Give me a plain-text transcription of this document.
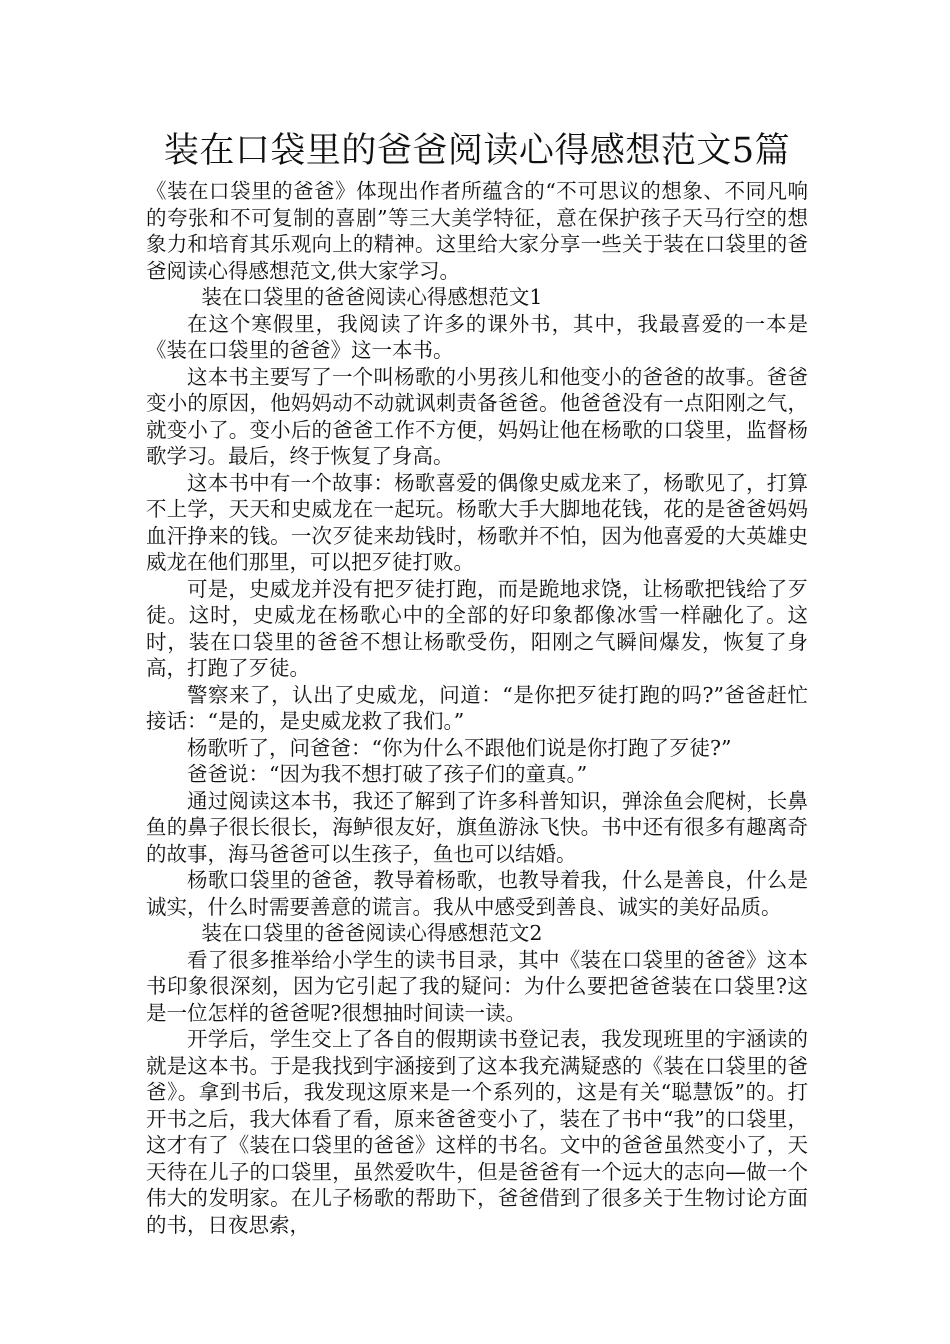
装在口袋里的爸爸阅读心得感想范文5篇

《装在口袋里的爸爸》体现出作者所蕴含的“不可思议的想象、不同凡响的夸张和不可复制的喜剧”等三大美学特征，意在保护孩子天马行空的想象力和培育其乐观向上的精神。这里给大家分享一些关于装在口袋里的爸爸阅读心得感想范文,供大家学习。

装在口袋里的爸爸阅读心得感想范文1

在这个寒假里，我阅读了许多的课外书，其中，我最喜爱的一本是《装在口袋里的爸爸》这一本书。

这本书主要写了一个叫杨歌的小男孩儿和他变小的爸爸的故事。爸爸变小的原因，他妈妈动不动就讽刺责备爸爸。他爸爸没有一点阳刚之气，就变小了。变小后的爸爸工作不方便，妈妈让他在杨歌的口袋里，监督杨歌学习。最后，终于恢复了身高。

这本书中有一个故事：杨歌喜爱的偶像史威龙来了，杨歌见了，打算不上学，天天和史威龙在一起玩。杨歌大手大脚地花钱，花的是爸爸妈妈血汗挣来的钱。一次歹徒来劫钱时，杨歌并不怕，因为他喜爱的大英雄史威龙在他们那里，可以把歹徒打败。

可是，史威龙并没有把歹徒打跑，而是跪地求饶，让杨歌把钱给了歹徒。这时，史威龙在杨歌心中的全部的好印象都像冰雪一样融化了。这时，装在口袋里的爸爸不想让杨歌受伤，阳刚之气瞬间爆发，恢复了身高，打跑了歹徒。

警察来了，认出了史威龙，问道：“是你把歹徒打跑的吗?”爸爸赶忙接话：“是的，是史威龙救了我们。”

杨歌听了，问爸爸：“你为什么不跟他们说是你打跑了歹徒?”

爸爸说：“因为我不想打破了孩子们的童真。”

通过阅读这本书，我还了解到了许多科普知识，弹涂鱼会爬树，长鼻鱼的鼻子很长很长，海鲈很友好，旗鱼游泳飞快。书中还有很多有趣离奇的故事，海马爸爸可以生孩子，鱼也可以结婚。

杨歌口袋里的爸爸，教导着杨歌，也教导着我，什么是善良，什么是诚实，什么时需要善意的谎言。我从中感受到善良、诚实的美好品质。

装在口袋里的爸爸阅读心得感想范文2

看了很多推举给小学生的读书目录，其中《装在口袋里的爸爸》这本书印象很深刻，因为它引起了我的疑问：为什么要把爸爸装在口袋里?这是一位怎样的爸爸呢?很想抽时间读一读。

开学后，学生交上了各自的假期读书登记表，我发现班里的宇涵读的就是这本书。于是我找到宇涵接到了这本我充满疑惑的《装在口袋里的爸爸》。拿到书后，我发现这原来是一个系列的，这是有关“聪慧饭”的。打开书之后，我大体看了看，原来爸爸变小了，装在了书中“我”的口袋里，这才有了《装在口袋里的爸爸》这样的书名。文中的爸爸虽然变小了，天天待在儿子的口袋里，虽然爱吹牛，但是爸爸有一个远大的志向—做一个伟大的发明家。在儿子杨歌的帮助下，爸爸借到了很多关于生物讨论方面的书，日夜思索，
